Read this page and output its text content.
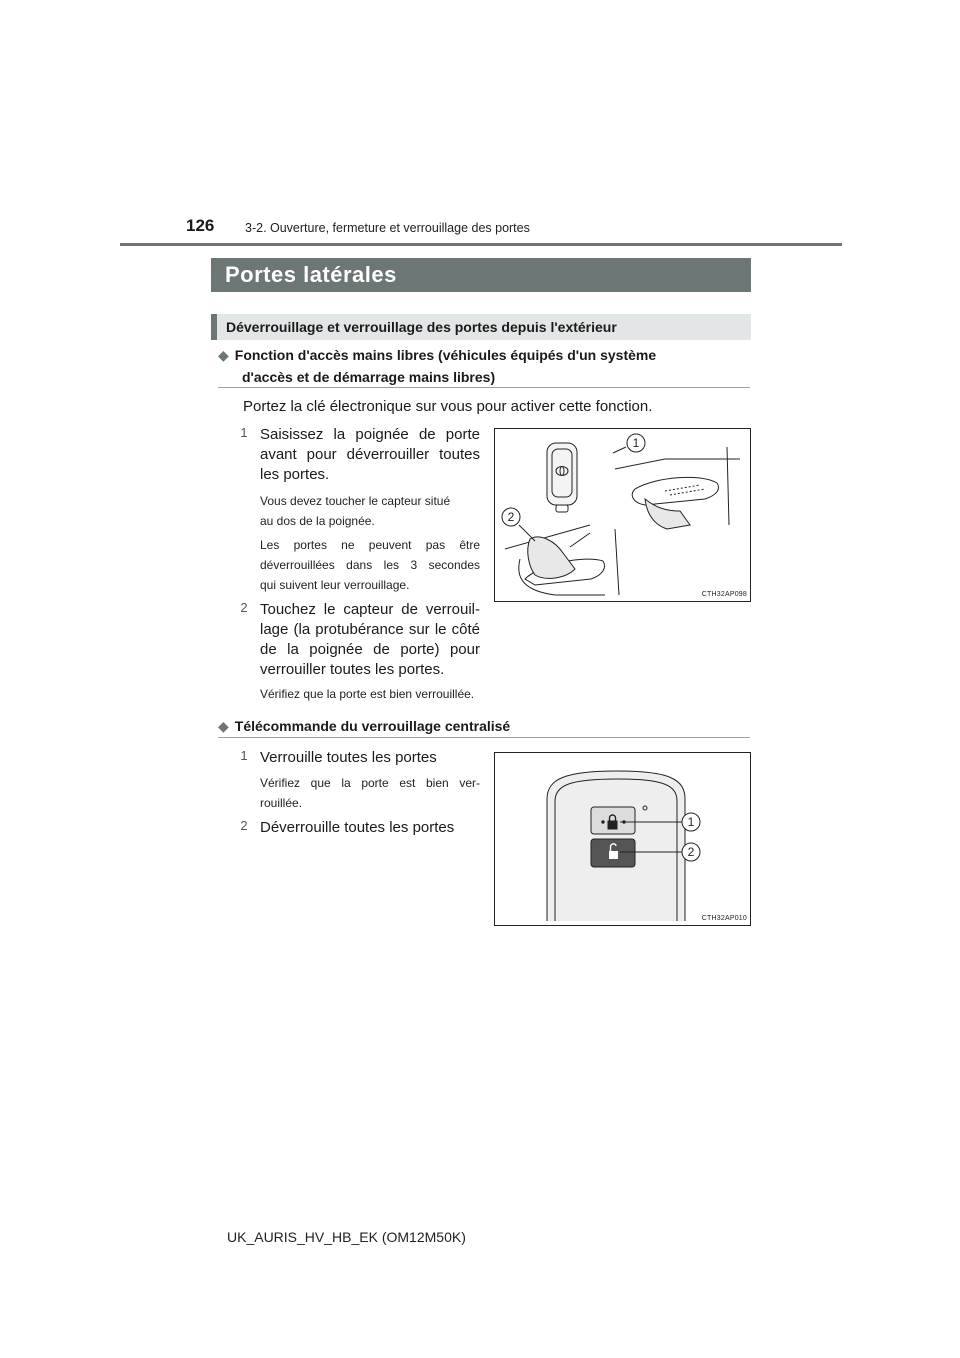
126 3-2. Ouverture, fermeture et verrouillage des portes
Portes latérales
Déverrouillage et verrouillage des portes depuis l'extérieur
◆ Fonction d'accès mains libres (véhicules équipés d'un système
d'accès et de démarrage mains libres)
Portez la clé électronique sur vous pour activer cette fonction.
1 Saisissez la poignée de porte
avant pour déverrouiller toutes
les portes.
Vous devez toucher le capteur situé
au dos de la poignée.
Les portes ne peuvent pas être
déverrouillées dans les 3 secondes
qui suivent leur verrouillage.
2 Touchez le capteur de verrouil-
lage (la protubérance sur le côté
de la poignée de porte) pour
verrouiller toutes les portes.
Vérifiez que la porte est bien verrouillée.
1
2
CTH32AP098
◆ Télécommande du verrouillage centralisé
1 Verrouille toutes les portes
Vérifiez que la porte est bien ver-
rouillée.
2 Déverrouille toutes les portes	1
2
CTH32AP010
UK_AURIS_HV_HB_EK (OM12M50K)
